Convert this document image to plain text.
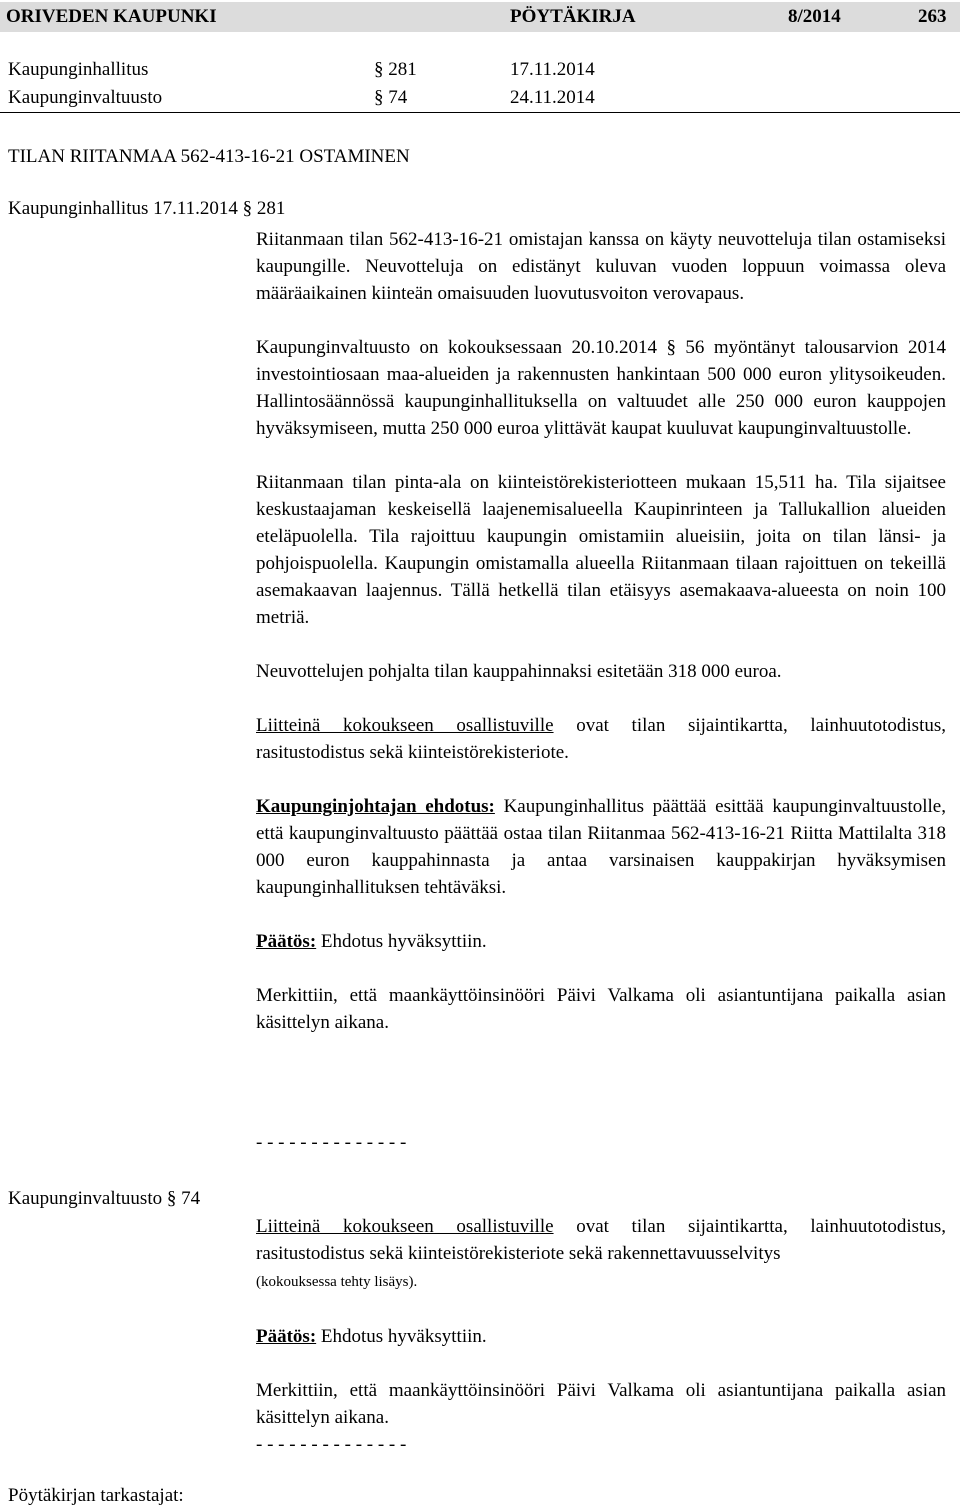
ORIVEDEN KAUPUNKI	PÖYTÄKIRJA	8/2014	263
Kaupunginhallitus	§ 281	17.11.2014
Kaupunginvaltuusto	§ 74	24.11.2014
TILAN RIITANMAA 562-413-16-21 OSTAMINEN
Kaupunginhallitus 17.11.2014 § 281

Riitanmaan tilan 562-413-16-21 omistajan kanssa on käyty neuvotteluja tilan ostamiseksi kaupungille. Neuvotteluja on edistänyt kuluvan vuoden loppuun voimassa oleva määräaikainen kiinteän omaisuuden luovutusvoiton verovapaus.

Kaupunginvaltuusto on kokouksessaan 20.10.2014 § 56 myöntänyt talousarvion 2014 investointiosaan maa-alueiden ja rakennusten hankintaan 500 000 euron ylitysoikeuden. Hallintosäännössä kaupunginhallituksella on valtuudet alle 250 000 euron kauppojen hyväksymiseen, mutta 250 000 euroa ylittävät kaupat kuuluvat kaupunginvaltuustolle.

Riitanmaan tilan pinta-ala on kiinteistörekisteriotteen mukaan 15,511 ha. Tila sijaitsee keskustaajaman keskeisellä laajenemisalueella Kaupinrinteen ja Tallukallion alueiden eteläpuolella. Tila rajoittuu kaupungin omistamiin alueisiin, joita on tilan länsi- ja pohjoispuolella. Kaupungin omistamalla alueella Riitanmaan tilaan rajoittuen on tekeillä asemakaavan laajennus. Tällä hetkellä tilan etäisyys asemakaava-alueesta on noin 100 metriä.

Neuvottelujen pohjalta tilan kauppahinnaksi esitetään 318 000 euroa.

Liitteinä kokoukseen osallistuville ovat tilan sijaintikartta, lainhuutotodistus, rasitustodistus sekä kiinteistörekisteriote.

Kaupunginjohtajan ehdotus: Kaupunginhallitus päättää esittää kaupunginvaltuustolle, että kaupunginvaltuusto päättää ostaa tilan Riitanmaa 562-413-16-21 Riitta Mattilalta 318 000 euron kauppahinnasta ja antaa varsinaisen kauppakirjan hyväksymisen kaupunginhallituksen tehtäväksi.

Päätös: Ehdotus hyväksyttiin.

Merkittiin, että maankäyttöinsinööri Päivi Valkama oli asiantuntijana paikalla asian käsittelyn aikana.

- - - - - - - - - - - - - -
Kaupunginvaltuusto § 74

Liitteinä kokoukseen osallistuville ovat tilan sijaintikartta, lainhuutotodistus, rasitustodistus sekä kiinteistörekisteriote sekä rakennettavuusselvitys
(kokouksessa tehty lisäys).

Päätös: Ehdotus hyväksyttiin.

Merkittiin, että maankäyttöinsinööri Päivi Valkama oli asiantuntijana paikalla asian käsittelyn aikana.

- - - - - - - - - - - - - -
Pöytäkirjan tarkastajat:
